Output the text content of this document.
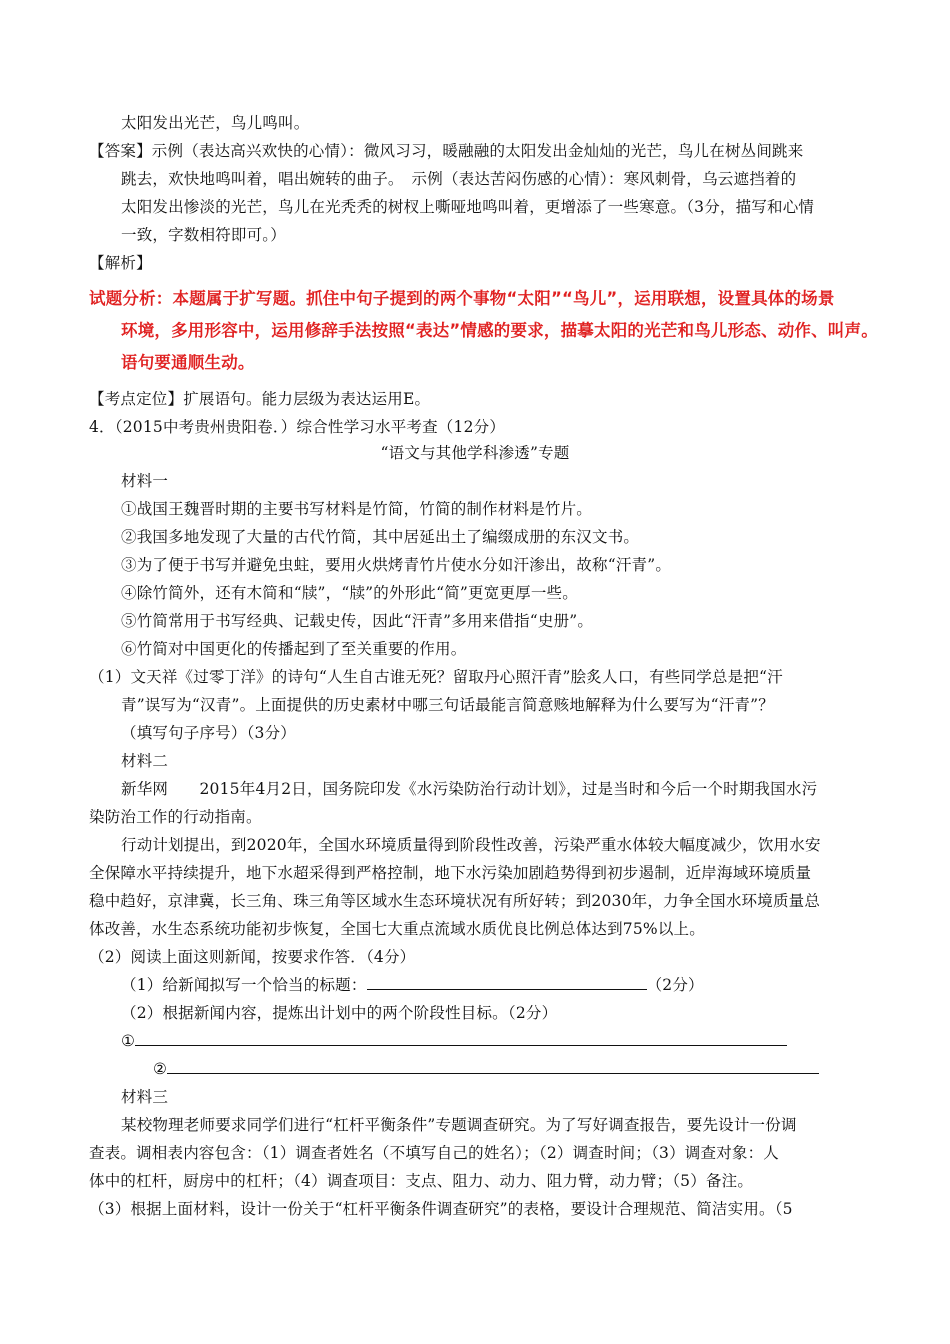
太阳发出光芒，鸟儿鸣叫。
【答案】示例（表达高兴欢快的心情）：微风习习，暖融融的太阳发出金灿灿的光芒，鸟儿在树丛间跳来
跳去，欢快地鸣叫着，唱出婉转的曲子。　示例（表达苦闷伤感的心情）：寒风刺骨，乌云遮挡着的
太阳发出惨淡的光芒，鸟儿在光秃秃的树杈上嘶哑地鸣叫着，更增添了一些寒意。（3分，描写和心情
一致，字数相符即可。）
【解析】
试题分析：本题属于扩写题。抓住中句子提到的两个事物“太阳”“鸟儿”，运用联想，设置具体的场景
环境，多用形容中，运用修辞手法按照“表达”情感的要求，描摹太阳的光芒和鸟儿形态、动作、叫声。
语句要通顺生动。
【考点定位】扩展语句。能力层级为表达运用E。
4．（2015中考贵州贵阳卷．）综合性学习水平考查（12分）
“语文与其他学科渗透”专题
材料一
①战国王魏晋时期的主要书写材料是竹简，竹简的制作材料是竹片。
②我国多地发现了大量的古代竹简，其中居延出土了编缀成册的东汉文书。
③为了便于书写并避免虫蛀，要用火烘烤青竹片使水分如汗渗出，故称“汗青”。
④除竹简外，还有木简和“牍”，“牍”的外形此“简”更宽更厚一些。
⑤竹简常用于书写经典、记载史传，因此“汗青”多用来借指“史册”。
⑥竹简对中国更化的传播起到了至关重要的作用。
（1）文天祥《过零丁洋》的诗句“人生自古谁无死？留取丹心照汗青”脍炙人口，有些同学总是把“汗
青”误写为“汉青”。上面提供的历史素材中哪三句话最能言简意赅地解释为什么要写为“汗青”？
（填写句子序号）（3分）
材料二
新华网　　2015年4月2日，国务院印发《水污染防治行动计划》，过是当时和今后一个时期我国水污
染防治工作的行动指南。
行动计划提出，到2020年，全国水环境质量得到阶段性改善，污染严重水体较大幅度减少，饮用水安
全保障水平持续提升，地下水超采得到严格控制，地下水污染加剧趋势得到初步遏制，近岸海域环境质量
稳中趋好，京津冀，长三角、珠三角等区域水生态环境状况有所好转；到2030年，力争全国水环境质量总
体改善，水生态系统功能初步恢复，全国七大重点流域水质优良比例总体达到75%以上。
（2）阅读上面这则新闻，按要求作答．（4分）
（1）给新闻拟写一个恰当的标题：	（2分）
（2）根据新闻内容，提炼出计划中的两个阶段性目标。（2分）
①
②
材料三
某校物理老师要求同学们进行“杠杆平衡条件”专题调查研究。为了写好调查报告，要先设计一份调
查表。调相表内容包含：（1）调查者姓名（不填写自己的姓名）；（2）调查时间；（3）调查对象：人
体中的杠杆，厨房中的杠杆；（4）调查项目：支点、阻力、动力、阻力臂，动力臂；（5）备注。
（3）根据上面材料，设计一份关于“杠杆平衡条件调查研究”的表格，要设计合理规范、简洁实用。（5
